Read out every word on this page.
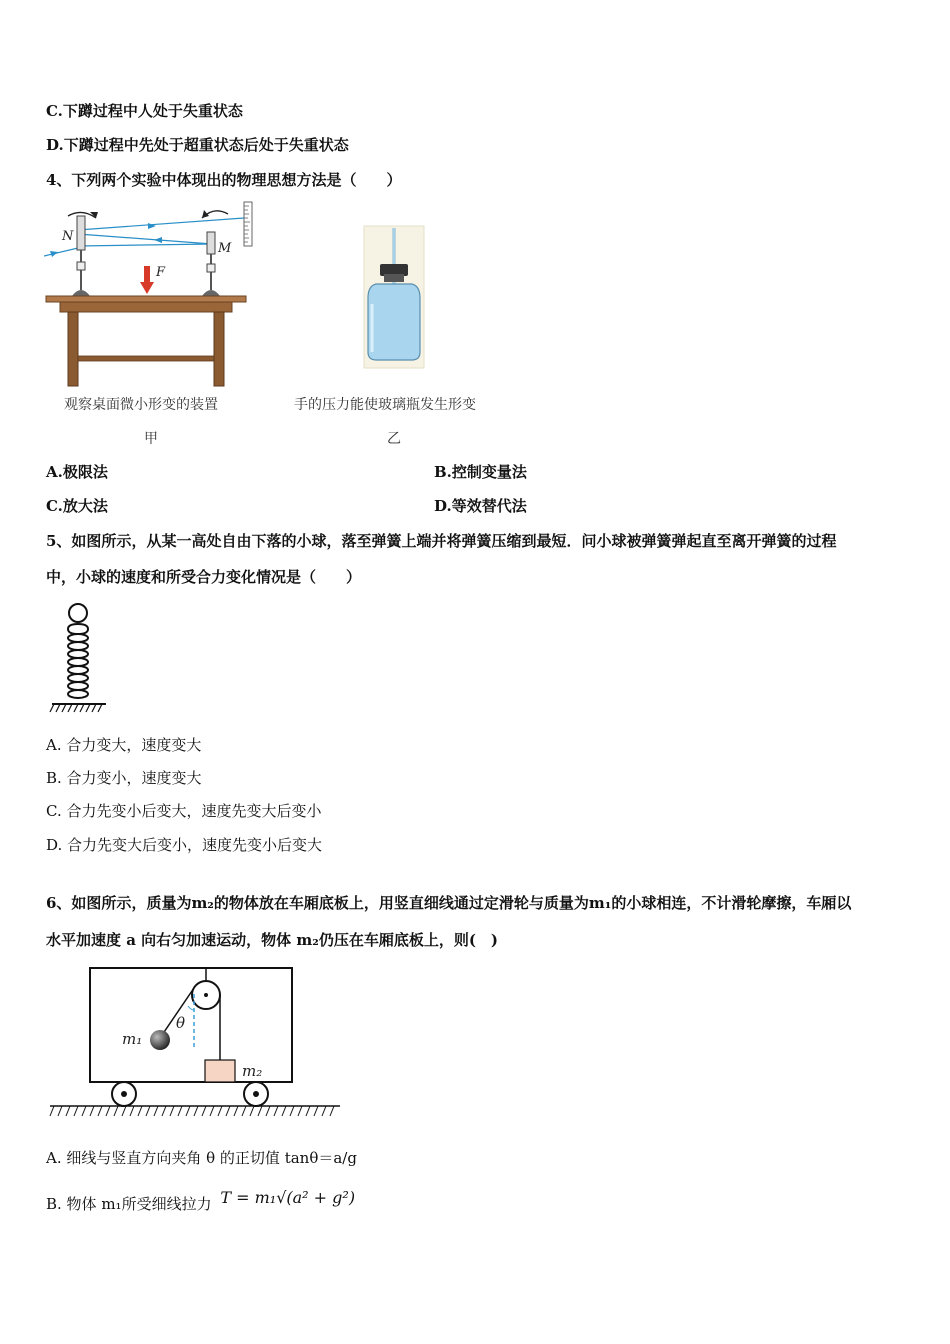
C.下蹲过程中人处于失重状态
D.下蹲过程中先处于超重状态后处于失重状态
4、下列两个实验中体现出的物理思想方法是（　　）
N
M
F
观察桌面微小形变的装置
甲
手的压力能使玻璃瓶发生形变
乙
A.极限法	B.控制变量法
C.放大法	D.等效替代法
5、如图所示，从某一高处自由下落的小球，落至弹簧上端并将弹簧压缩到最短．问小球被弹簧弹起直至离开弹簧的过程
中，小球的速度和所受合力变化情况是（　　）
A. 合力变大，速度变大
B. 合力变小，速度变大
C. 合力先变小后变大，速度先变大后变小
D. 合力先变大后变小，速度先变小后变大
6、如图所示，质量为m₂的物体放在车厢底板上，用竖直细线通过定滑轮与质量为m₁的小球相连，不计滑轮摩擦，车厢以
水平加速度 a 向右匀加速运动，物体 m₂仍压在车厢底板上，则(　)
θ
m₁
m₂
A. 细线与竖直方向夹角 θ 的正切值 tanθ＝a/g
B. 物体 m₁所受细线拉力 T = m₁√(a² + g²)
